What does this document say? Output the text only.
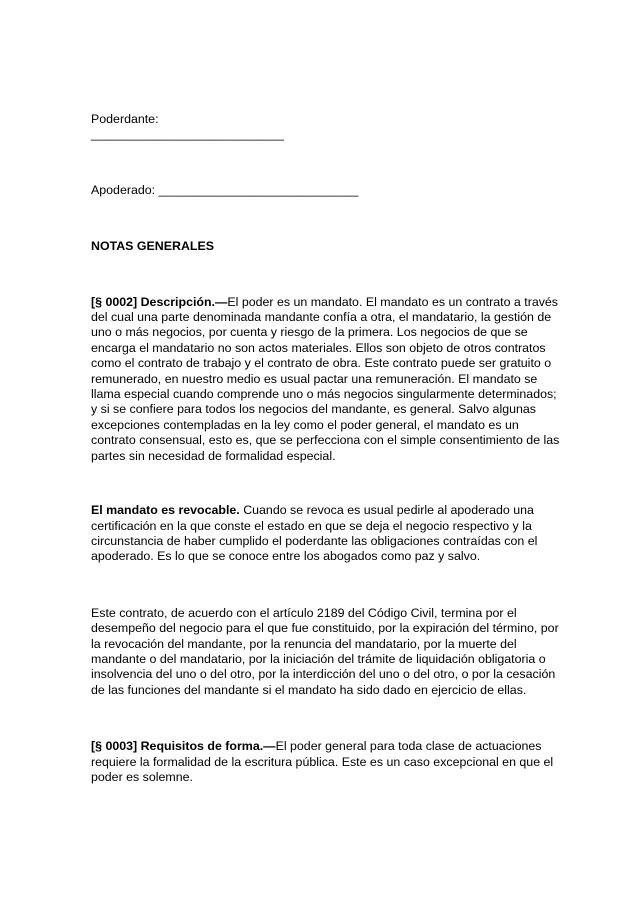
Poderdante:
____________________________

Apoderado: _____________________________

NOTAS GENERALES

[§ 0002] Descripción.—El poder es un mandato. El mandato es un contrato a través del cual una parte denominada mandante confía a otra, el mandatario, la gestión de uno o más negocios, por cuenta y riesgo de la primera. Los negocios de que se encarga el mandatario no son actos materiales. Ellos son objeto de otros contratos como el contrato de trabajo y el contrato de obra. Este contrato puede ser gratuito o remunerado, en nuestro medio es usual pactar una remuneración. El mandato se llama especial cuando comprende uno o más negocios singularmente determinados; y si se confiere para todos los negocios del mandante, es general. Salvo algunas excepciones contempladas en la ley como el poder general, el mandato es un contrato consensual, esto es, que se perfecciona con el simple consentimiento de las partes sin necesidad de formalidad especial.

El mandato es revocable. Cuando se revoca es usual pedirle al apoderado una certificación en la que conste el estado en que se deja el negocio respectivo y la circunstancia de haber cumplido el poderdante las obligaciones contraídas con el apoderado. Es lo que se conoce entre los abogados como paz y salvo.

Este contrato, de acuerdo con el artículo 2189 del Código Civil, termina por el desempeño del negocio para el que fue constituido, por la expiración del término, por la revocación del mandante, por la renuncia del mandatario, por la muerte del mandante o del mandatario, por la iniciación del trámite de liquidación obligatoria o insolvencia del uno o del otro, por la interdicción del uno o del otro, o por la cesación de las funciones del mandante si el mandato ha sido dado en ejercicio de ellas.

[§ 0003] Requisitos de forma.—El poder general para toda clase de actuaciones requiere la formalidad de la escritura pública. Este es un caso excepcional en que el poder es solemne.
